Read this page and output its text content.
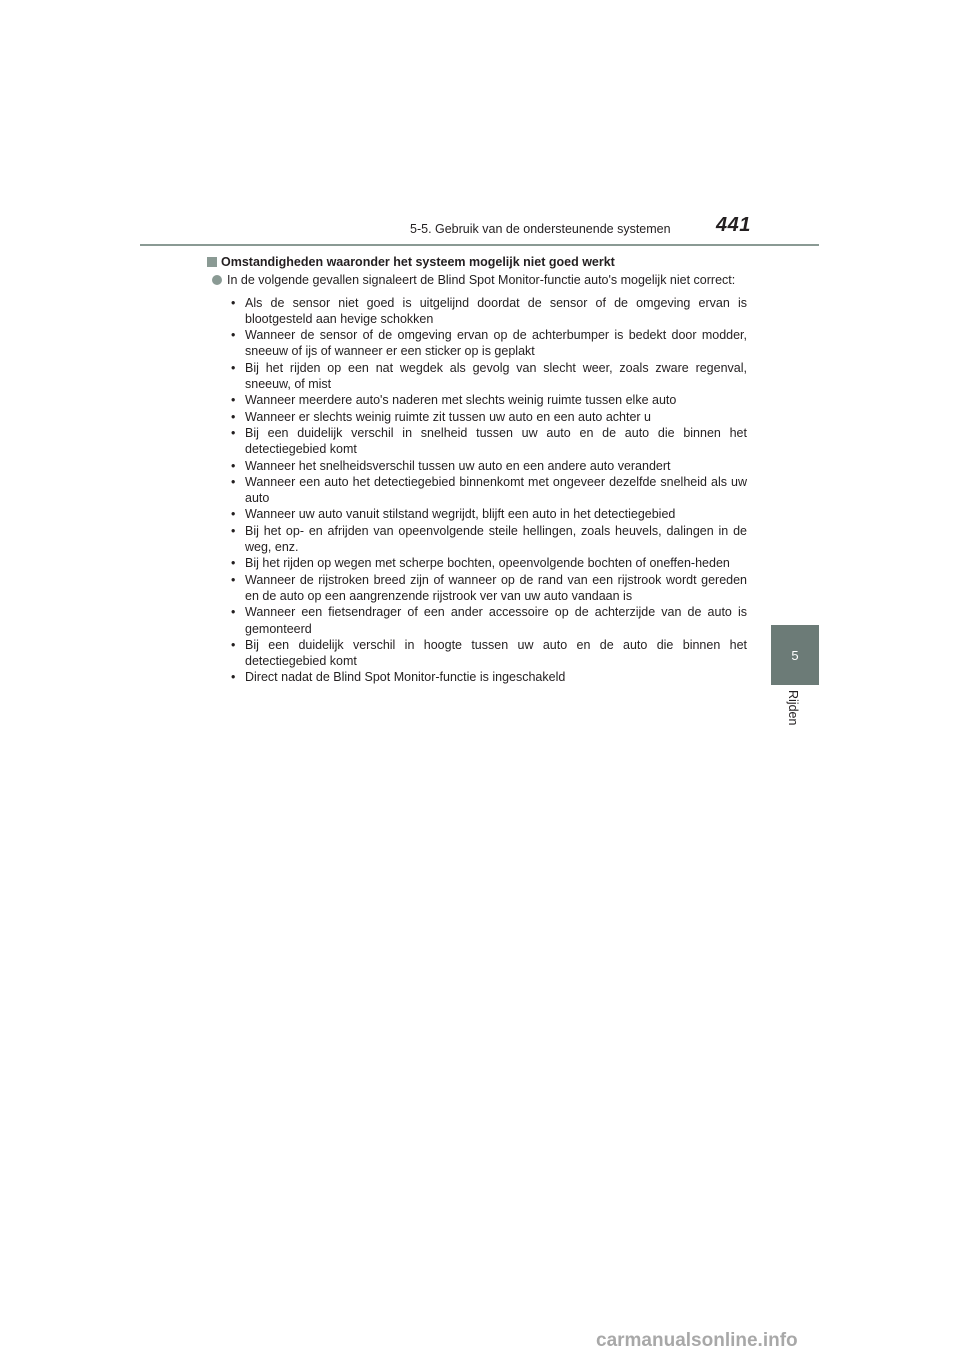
5-5. Gebruik van de ondersteunende systemen 441
5
Rijden
Omstandigheden waaronder het systeem mogelijk niet goed werkt
In de volgende gevallen signaleert de Blind Spot Monitor-functie auto's mogelijk niet correct:
• Als de sensor niet goed is uitgelijnd doordat de sensor of de omgeving ervan is blootgesteld aan hevige schokken
• Wanneer de sensor of de omgeving ervan op de achterbumper is bedekt door modder, sneeuw of ijs of wanneer er een sticker op is geplakt
• Bij het rijden op een nat wegdek als gevolg van slecht weer, zoals zware regenval, sneeuw, of mist
• Wanneer meerdere auto's naderen met slechts weinig ruimte tussen elke auto
• Wanneer er slechts weinig ruimte zit tussen uw auto en een auto achter u
• Bij een duidelijk verschil in snelheid tussen uw auto en de auto die binnen het detectiegebied komt
• Wanneer het snelheidsverschil tussen uw auto en een andere auto verandert
• Wanneer een auto het detectiegebied binnenkomt met ongeveer dezelfde snelheid als uw auto
• Wanneer uw auto vanuit stilstand wegrijdt, blijft een auto in het detectiegebied
• Bij het op- en afrijden van opeenvolgende steile hellingen, zoals heuvels, dalingen in de weg, enz.
• Bij het rijden op wegen met scherpe bochten, opeenvolgende bochten of oneffen-heden
• Wanneer de rijstroken breed zijn of wanneer op de rand van een rijstrook wordt gereden en de auto op een aangrenzende rijstrook ver van uw auto vandaan is
• Wanneer een fietsendrager of een ander accessoire op de achterzijde van de auto is gemonteerd
• Bij een duidelijk verschil in hoogte tussen uw auto en de auto die binnen het detectiegebied komt
• Direct nadat de Blind Spot Monitor-functie is ingeschakeld
carmanualsonline.info
